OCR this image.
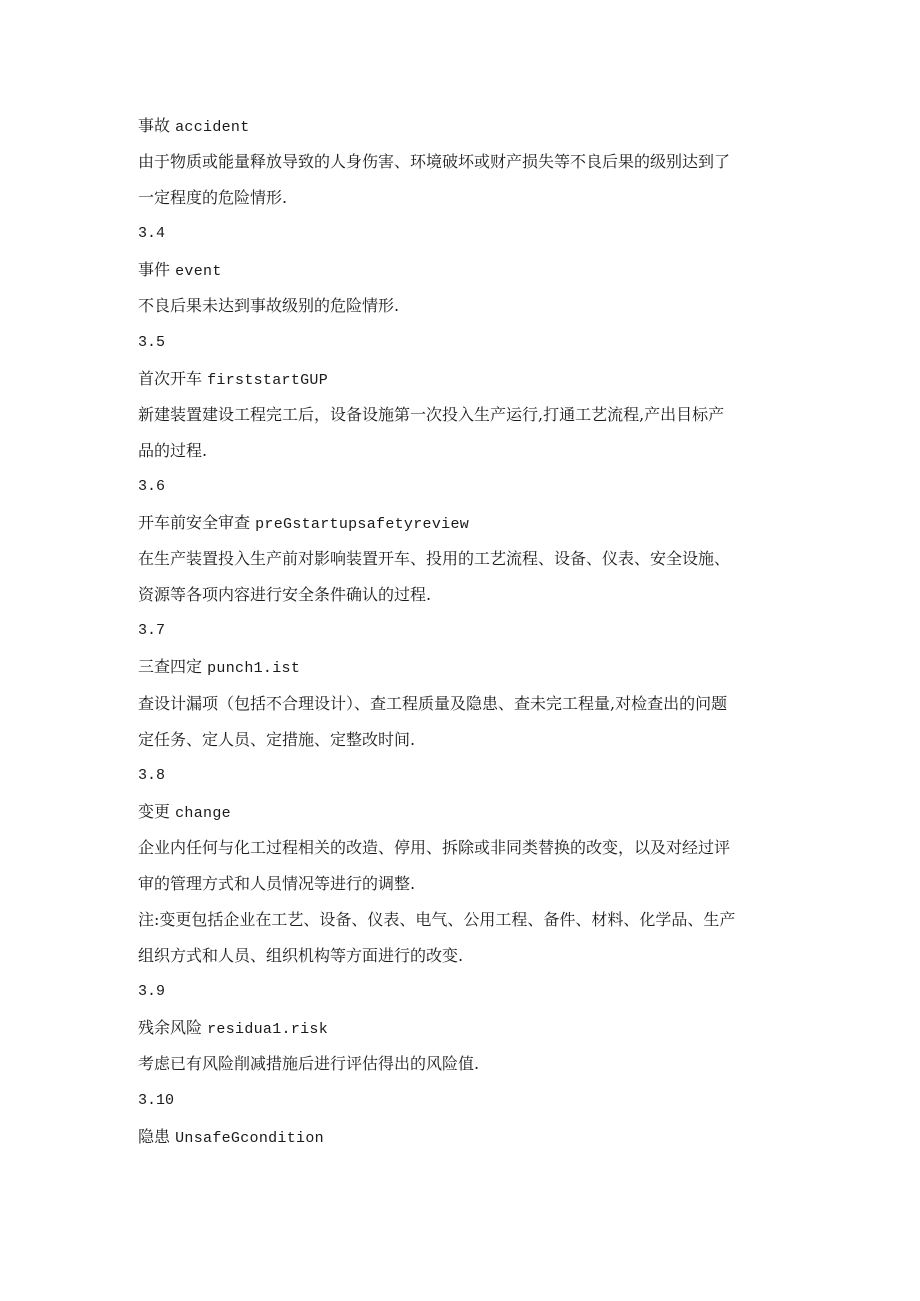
事故 accident
由于物质或能量释放导致的人身伤害、环境破坏或财产损失等不良后果的级别达到了
一定程度的危险情形.
3.4
事件 event
不良后果未达到事故级别的危险情形.
3.5
首次开车 firststartGUP
新建装置建设工程完工后，设备设施第一次投入生产运行,打通工艺流程,产出目标产
品的过程.
3.6
开车前安全审查 preGstartupsafetyreview
在生产装置投入生产前对影响装置开车、投用的工艺流程、设备、仪表、安全设施、
资源等各项内容进行安全条件确认的过程.
3.7
三查四定 punch1.ist
查设计漏项（包括不合理设计）、查工程质量及隐患、查未完工程量,对检查出的问题
定任务、定人员、定措施、定整改时间.
3.8
变更 change
企业内任何与化工过程相关的改造、停用、拆除或非同类替换的改变，以及对经过评
审的管理方式和人员情况等进行的调整.
注:变更包括企业在工艺、设备、仪表、电气、公用工程、备件、材料、化学品、生产
组织方式和人员、组织机构等方面进行的改变.
3.9
残余风险 residua1.risk
考虑已有风险削减措施后进行评估得出的风险值.
3.10
隐患 UnsafeGcondition
